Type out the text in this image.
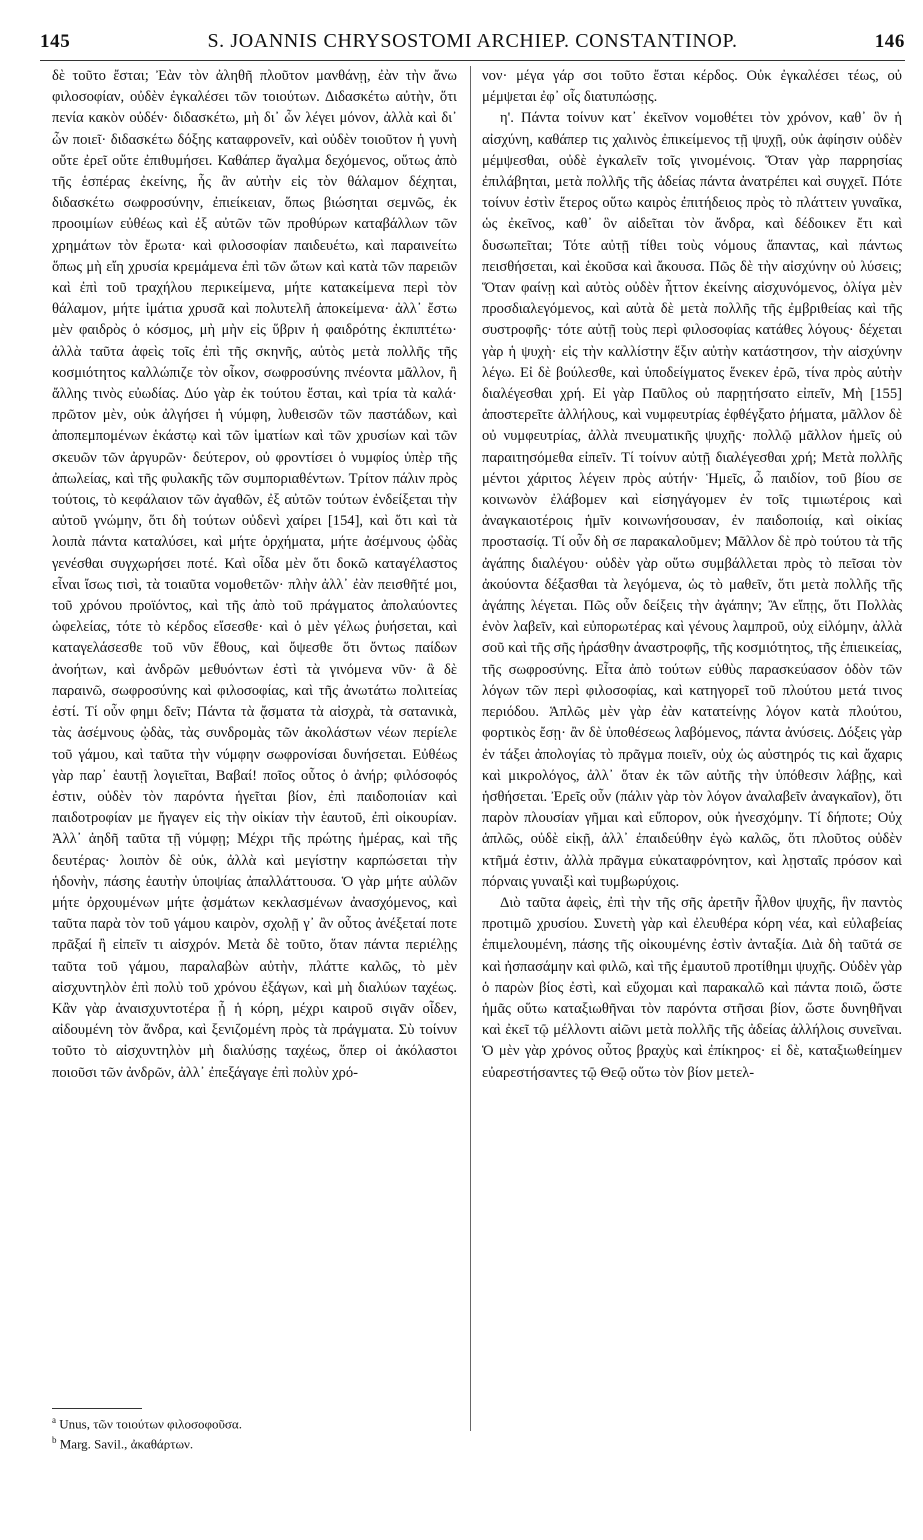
145	S. JOANNIS CHRYSOSTOMI ARCHIEP. CONSTANTINOP.	146

δὲ τοῦτο ἔσται; Ἐὰν τὸν ἀληθῆ πλοῦτον μανθάνῃ, ἐὰν τὴν ἄνω φιλοσοφίαν, οὐδὲν ἐγκαλέσει τῶν τοιούτων. Διδασκέτω αὐτὴν, ὅτι πενία κακὸν οὐδέν· διδασκέτω, μὴ δι᾽ ὧν λέγει μόνον, ἀλλὰ καὶ δι᾽ ὧν ποιεῖ· διδασκέτω δόξης καταφρονεῖν, καὶ οὐδὲν τοιοῦτον ἡ γυνὴ οὔτε ἐρεῖ οὔτε ἐπιθυμήσει. Καθάπερ ἄγαλμα δεχόμενος, οὕτως ἀπὸ τῆς ἑσπέρας ἐκείνης, ἧς ἂν αὐτὴν εἰς τὸν θάλαμον δέχηται, διδασκέτω σωφροσύνην, ἐπιείκειαν, ὅπως βιώσηται σεμνῶς, ἐκ προοιμίων εὐθέως καὶ ἐξ αὐτῶν τῶν προθύρων καταβάλλων τῶν χρημάτων τὸν ἔρωτα· καὶ φιλοσοφίαν παιδευέτω, καὶ παραινείτω ὅπως μὴ εἴη χρυσία κρεμάμενα ἐπὶ τῶν ὤτων καὶ κατὰ τῶν παρειῶν καὶ ἐπὶ τοῦ τραχήλου περικείμενα, μήτε κατακείμενα περὶ τὸν θάλαμον, μήτε ἱμάτια χρυσᾶ καὶ πολυτελῆ ἀποκείμενα· ἀλλ᾽ ἔστω μὲν φαιδρὸς ὁ κόσμος, μὴ μὴν εἰς ὕβριν ἡ φαιδρότης ἐκπιπτέτω· ἀλλὰ ταῦτα ἀφεὶς τοῖς ἐπὶ τῆς σκηνῆς, αὐτὸς μετὰ πολλῆς τῆς κοσμιότητος καλλώπιζε τὸν οἶκον, σωφροσύνης πνέοντα μᾶλλον, ἢ ἄλλης τινὸς εὐωδίας. Δύο γὰρ ἐκ τούτου ἔσται, καὶ τρία τὰ καλά· πρῶτον μὲν, οὐκ ἀλγήσει ἡ νύμφη, λυθεισῶν τῶν παστάδων, καὶ ἀποπεμπομένων ἑκάστῳ καὶ τῶν ἱματίων καὶ τῶν χρυσίων καὶ τῶν σκευῶν τῶν ἀργυρῶν· δεύτερον, οὐ φροντίσει ὁ νυμφίος ὑπὲρ τῆς ἀπωλείας, καὶ τῆς φυλακῆς τῶν συμποριαθέντων. Τρίτον πάλιν πρὸς τούτοις, τὸ κεφάλαιον τῶν ἀγαθῶν, ἐξ αὐτῶν τούτων ἐνδείξεται τὴν αὐτοῦ γνώμην, ὅτι δὴ τούτων οὐδενὶ χαίρει [154], καὶ ὅτι καὶ τὰ λοιπὰ πάντα καταλύσει, καὶ μήτε ὀρχήματα, μήτε ἀσέμνους ᾠδὰς γενέσθαι συγχωρήσει ποτέ. Καὶ οἶδα μὲν ὅτι δοκῶ καταγέλαστος εἶναι ἴσως τισὶ, τὰ τοιαῦτα νομοθετῶν· πλὴν ἀλλ᾽ ἐὰν πεισθῆτέ μοι, τοῦ χρόνου προϊόντος, καὶ τῆς ἀπὸ τοῦ πράγματος ἀπολαύοντες ὠφελείας, τότε τὸ κέρδος εἴσεσθε· καὶ ὁ μὲν γέλως ῥυήσεται, καὶ καταγελάσεσθε τοῦ νῦν ἔθους, καὶ ὄψεσθε ὅτι ὄντως παίδων ἀνοήτων, καὶ ἀνδρῶν μεθυόντων ἐστὶ τὰ γινόμενα νῦν· ἃ δὲ παραινῶ, σωφροσύνης καὶ φιλοσοφίας, καὶ τῆς ἀνωτάτω πολιτείας ἐστί. Τί οὖν φημι δεῖν; Πάντα τὰ ᾄσματα τὰ αἰσχρὰ, τὰ σατανικὰ, τὰς ἀσέμνους ᾠδὰς, τὰς συνδρομὰς τῶν ἀκολάστων νέων περίελε τοῦ γάμου, καὶ ταῦτα τὴν νύμφην σωφρονίσαι δυνήσεται. Εὐθέως γὰρ παρ᾽ ἑαυτῇ λογιεῖται, Βαβαί! ποῖος οὗτος ὁ ἀνήρ; φιλόσοφός ἐστιν, οὐδὲν τὸν παρόντα ἡγεῖται βίον, ἐπὶ παιδοποιίαν καὶ παιδοτροφίαν με ἤγαγεν εἰς τὴν οἰκίαν τὴν ἑαυτοῦ, ἐπὶ οἰκουρίαν. Ἀλλ᾽ ἀηδῆ ταῦτα τῇ νύμφῃ; Μέχρι τῆς πρώτης ἡμέρας, καὶ τῆς δευτέρας· λοιπὸν δὲ οὐκ, ἀλλὰ καὶ μεγίστην καρπώσεται τὴν ἡδονὴν, πάσης ἑαυτὴν ὑποψίας ἀπαλλάττουσα. Ὁ γὰρ μήτε αὐλῶν μήτε ὀρχουμένων μήτε ᾀσμάτων κεκλασμένων ἀνασχόμενος, καὶ ταῦτα παρὰ τὸν τοῦ γάμου καιρὸν, σχολῇ γ᾽ ἂν οὗτος ἀνέξεταί ποτε πρᾶξαί ἢ εἰπεῖν τι αἰσχρόν. Μετὰ δὲ τοῦτο, ὅταν πάντα περιέλῃς ταῦτα τοῦ γάμου, παραλαβὼν αὐτὴν, πλάττε καλῶς, τὸ μὲν αἰσχυντηλὸν ἐπὶ πολὺ τοῦ χρόνου ἐξάγων, καὶ μὴ διαλύων ταχέως. Κἂν γὰρ ἀναισχυντοτέρα ᾖ ἡ κόρη, μέχρι καιροῦ σιγᾶν οἶδεν, αἰδουμένη τὸν ἄνδρα, καὶ ξενιζομένη πρὸς τὰ πράγματα. Σὺ τοίνυν τοῦτο τὸ αἰσχυντηλὸν μὴ διαλύσῃς ταχέως, ὅπερ οἱ ἀκόλαστοι ποιοῦσι τῶν ἀνδρῶν, ἀλλ᾽ ἐπεξάγαγε ἐπὶ πολὺν χρό-

νον· μέγα γάρ σοι τοῦτο ἔσται κέρδος. Οὐκ ἐγκαλέσει τέως, οὐ μέμψεται ἐφ᾽ οἷς διατυπώσῃς.

η'. Πάντα τοίνυν κατ᾽ ἐκεῖνον νομοθέτει τὸν χρόνον, καθ᾽ ὃν ἡ αἰσχύνη, καθάπερ τις χαλινὸς ἐπικείμενος τῇ ψυχῇ, οὐκ ἀφίησιν οὐδὲν μέμψεσθαι, οὐδὲ ἐγκαλεῖν τοῖς γινομένοις. Ὅταν γὰρ παρρησίας ἐπιλάβηται, μετὰ πολλῆς τῆς ἀδείας πάντα ἀνατρέπει καὶ συγχεῖ. Πότε τοίνυν ἐστὶν ἕτερος οὕτω καιρὸς ἐπιτήδειος πρὸς τὸ πλάττειν γυναῖκα, ὡς ἐκεῖνος, καθ᾽ ὃν αἰδεῖται τὸν ἄνδρα, καὶ δέδοικεν ἔτι καὶ δυσωπεῖται; Τότε αὐτῇ τίθει τοὺς νόμους ἅπαντας, καὶ πάντως πεισθήσεται, καὶ ἑκοῦσα καὶ ἄκουσα. Πῶς δὲ τὴν αἰσχύνην οὐ λύσεις; Ὅταν φαίνῃ καὶ αὐτὸς οὐδὲν ἧττον ἐκείνης αἰσχυνόμενος, ὀλίγα μὲν προσδιαλεγόμενος, καὶ αὐτὰ δὲ μετὰ πολλῆς τῆς ἐμβριθείας καὶ τῆς συστροφῆς· τότε αὐτῇ τοὺς περὶ φιλοσοφίας κατάθες λόγους· δέχεται γὰρ ἡ ψυχὴ· εἰς τὴν καλλίστην ἕξιν αὐτὴν κατάστησον, τὴν αἰσχύνην λέγω. Εἰ δὲ βούλεσθε, καὶ ὑποδείγματος ἕνεκεν ἐρῶ, τίνα πρὸς αὐτὴν διαλέγεσθαι χρή. Εἰ γὰρ Παῦλος οὐ παρῃτήσατο εἰπεῖν, Μὴ [155] ἀποστερεῖτε ἀλλήλους, καὶ νυμφευτρίας ἐφθέγξατο ῥήματα, μᾶλλον δὲ οὐ νυμφευτρίας, ἀλλὰ πνευματικῆς ψυχῆς· πολλῷ μᾶλλον ἡμεῖς οὐ παραιτησόμεθα εἰπεῖν. Τί τοίνυν αὐτῇ διαλέγεσθαι χρή; Μετὰ πολλῆς μέντοι χάριτος λέγειν πρὸς αὐτήν· Ἡμεῖς, ὦ παιδίον, τοῦ βίου σε κοινωνὸν ἐλάβομεν καὶ εἰσηγάγομεν ἐν τοῖς τιμιωτέροις καὶ ἀναγκαιοτέροις ἡμῖν κοινωνήσουσαν, ἐν παιδοποιίᾳ, καὶ οἰκίας προστασίᾳ. Τί οὖν δὴ σε παρακαλοῦμεν; Μᾶλλον δὲ πρὸ τούτου τὰ τῆς ἀγάπης διαλέγου· οὐδὲν γὰρ οὕτω συμβάλλεται πρὸς τὸ πεῖσαι τὸν ἀκούοντα δέξασθαι τὰ λεγόμενα, ὡς τὸ μαθεῖν, ὅτι μετὰ πολλῆς τῆς ἀγάπης λέγεται. Πῶς οὖν δείξεις τὴν ἀγάπην; Ἂν εἴπῃς, ὅτι Πολλὰς ἐνὸν λαβεῖν, καὶ εὐπορωτέρας καὶ γένους λαμπροῦ, οὐχ εἱλόμην, ἀλλὰ σοῦ καὶ τῆς σῆς ἠράσθην ἀναστροφῆς, τῆς κοσμιότητος, τῆς ἐπιεικείας, τῆς σωφροσύνης. Εἶτα ἀπὸ τούτων εὐθὺς παρασκεύασον ὁδὸν τῶν λόγων τῶν περὶ φιλοσοφίας, καὶ κατηγορεῖ τοῦ πλούτου μετά τινος περιόδου. Ἁπλῶς μὲν γὰρ ἐὰν κατατείνῃς λόγον κατὰ πλούτου, φορτικὸς ἔσῃ· ἂν δὲ ὑποθέσεως λαβόμενος, πάντα ἀνύσεις. Δόξεις γὰρ ἐν τάξει ἀπολογίας τὸ πρᾶγμα ποιεῖν, οὐχ ὡς αὐστηρός τις καὶ ἄχαρις καὶ μικρολόγος, ἀλλ᾽ ὅταν ἐκ τῶν αὐτῆς τὴν ὑπόθεσιν λάβῃς, καὶ ἡσθήσεται. Ἐρεῖς οὖν (πάλιν γὰρ τὸν λόγον ἀναλαβεῖν ἀναγκαῖον), ὅτι παρὸν πλουσίαν γῆμαι καὶ εὔπορον, οὐκ ἠνεσχόμην. Τί δήποτε; Οὐχ ἁπλῶς, οὐδὲ εἰκῇ, ἀλλ᾽ ἐπαιδεύθην ἐγὼ καλῶς, ὅτι πλοῦτος οὐδὲν κτῆμά ἐστιν, ἀλλὰ πρᾶγμα εὐκαταφρόνητον, καὶ λῃσταῖς πρόσον καὶ πόρναις γυναιξὶ καὶ τυμβωρύχοις.

Διὸ ταῦτα ἀφεὶς, ἐπὶ τὴν τῆς σῆς ἀρετῆν ἦλθον ψυχῆς, ἣν παντὸς προτιμῶ χρυσίου. Συνετὴ γὰρ καὶ ἐλευθέρα κόρη νέα, καὶ εὐλαβείας ἐπιμελουμένη, πάσης τῆς οἰκουμένης ἐστὶν ἀνταξία. Διὰ δὴ ταῦτά σε καὶ ἠσπασάμην καὶ φιλῶ, καὶ τῆς ἐμαυτοῦ προτίθημι ψυχῆς. Οὐδὲν γὰρ ὁ παρὼν βίος ἐστὶ, καὶ εὔχομαι καὶ παρακαλῶ καὶ πάντα ποιῶ, ὥστε ἡμᾶς οὕτω καταξιωθῆναι τὸν παρόντα στῆσαι βίον, ὥστε δυνηθῆναι καὶ ἐκεῖ τῷ μέλλοντι αἰῶνι μετὰ πολλῆς τῆς ἀδείας ἀλλήλοις συνεῖναι. Ὁ μὲν γὰρ χρόνος οὗτος βραχὺς καὶ ἐπίκηρος· εἰ δὲ, καταξιωθείημεν εὐαρεστήσαντες τῷ Θεῷ οὕτω τὸν βίον μετελ-

$^a$ Unus, τῶν τοιούτων φιλοσοφοῦσα.
$^b$ Marg. Savil., ἀκαθάρτων.
